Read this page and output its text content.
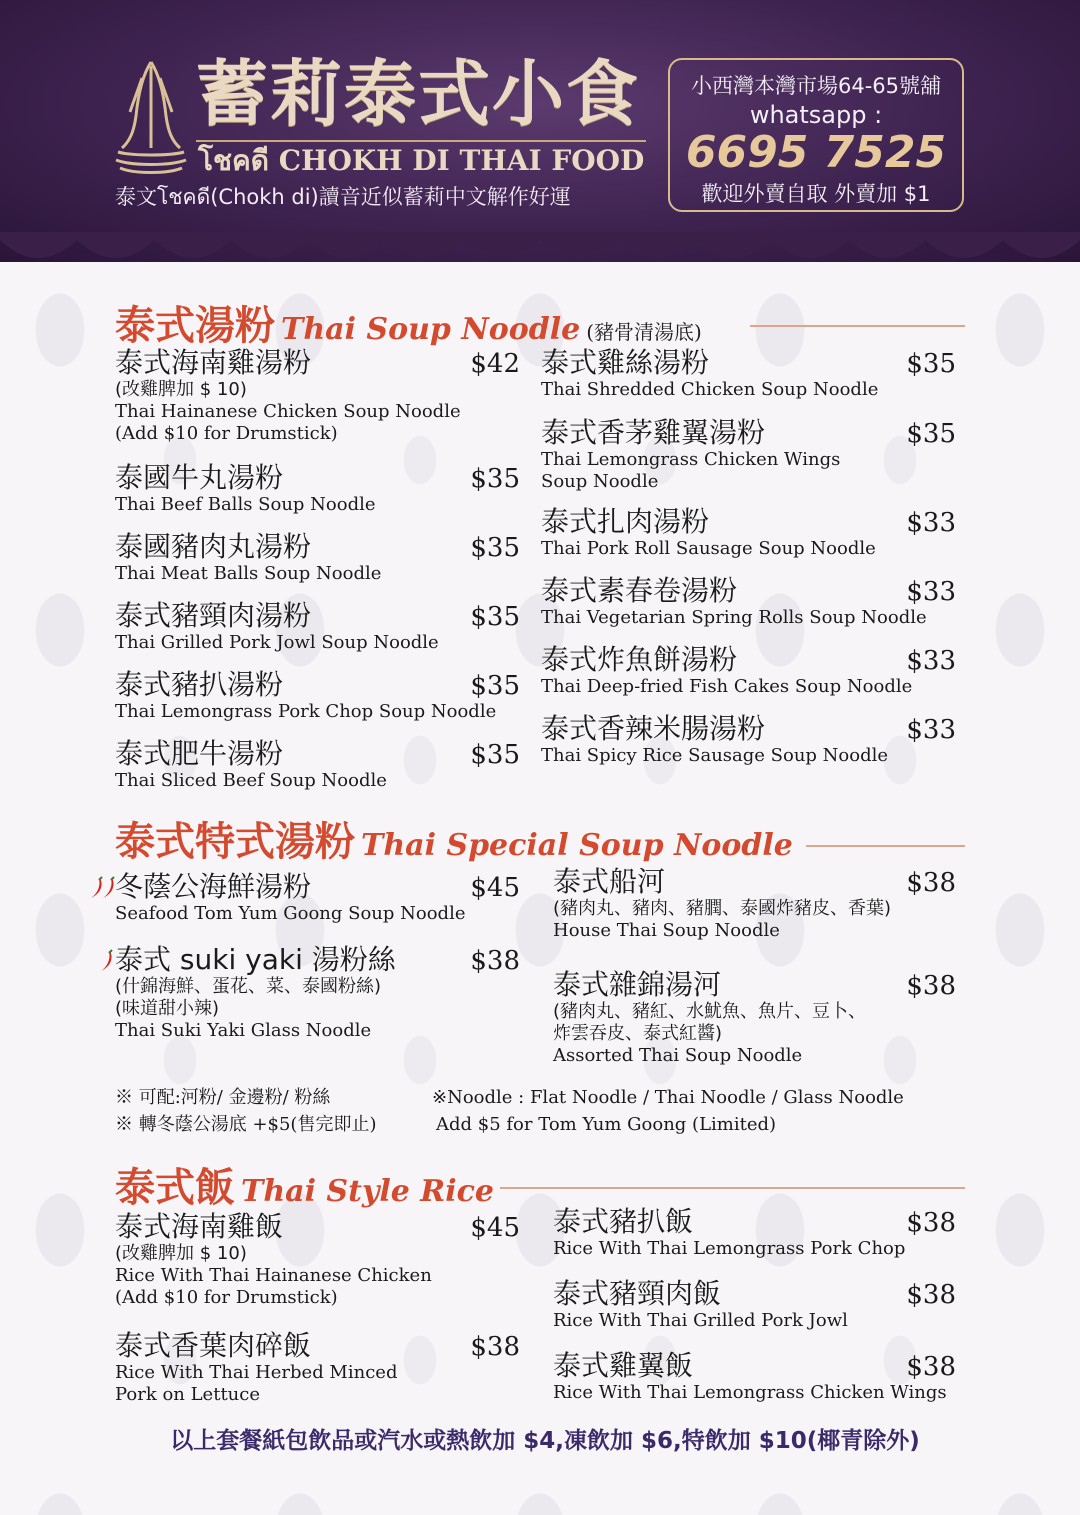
蓄莉泰式小食
โชคดี CHOKH DI THAI FOOD
泰文โชคดี(Chokh di)讀音近似蓄莉中文解作好運
小西灣本灣市場64-65號舖
whatsapp :
6695 7525
歡迎外賣自取 外賣加 $1
泰式湯粉 Thai Soup Noodle (豬骨清湯底)
泰式海南雞湯粉	$42
(改雞脾加 $ 10)
Thai Hainanese Chicken Soup Noodle
(Add $10 for Drumstick)
泰國牛丸湯粉	$35
Thai Beef Balls Soup Noodle
泰國豬肉丸湯粉	$35
Thai Meat Balls Soup Noodle
泰式豬頸肉湯粉	$35
Thai Grilled Pork Jowl Soup Noodle
泰式豬扒湯粉	$35
Thai Lemongrass Pork Chop Soup Noodle
泰式肥牛湯粉	$35
Thai Sliced Beef Soup Noodle
泰式雞絲湯粉	$35
Thai Shredded Chicken Soup Noodle
泰式香茅雞翼湯粉	$35
Thai Lemongrass Chicken Wings
Soup Noodle
泰式扎肉湯粉	$33
Thai Pork Roll Sausage Soup Noodle
泰式素春卷湯粉	$33
Thai Vegetarian Spring Rolls Soup Noodle
泰式炸魚餅湯粉	$33
Thai Deep-fried Fish Cakes Soup Noodle
泰式香辣米腸湯粉	$33
Thai Spicy Rice Sausage Soup Noodle
泰式特式湯粉 Thai Special Soup Noodle
冬蔭公海鮮湯粉	$45
Seafood Tom Yum Goong Soup Noodle
泰式 suki yaki 湯粉絲	$38
(什錦海鮮、蛋花、菜、泰國粉絲)
(味道甜小辣)
Thai Suki Yaki Glass Noodle
泰式船河	$38
(豬肉丸、豬肉、豬膶、泰國炸豬皮、香葉)
House Thai Soup Noodle
泰式雜錦湯河	$38
(豬肉丸、豬紅、水魷魚、魚片、豆卜、
炸雲吞皮、泰式紅醬)
Assorted Thai Soup Noodle
※ 可配:河粉/ 金邊粉/ 粉絲	※Noodle : Flat Noodle / Thai Noodle / Glass Noodle
※ 轉冬蔭公湯底 +$5(售完即止)	Add $5 for Tom Yum Goong (Limited)
泰式飯 Thai Style Rice
泰式海南雞飯	$45
(改雞脾加 $ 10)
Rice With Thai Hainanese Chicken
(Add $10 for Drumstick)
泰式香葉肉碎飯	$38
Rice With Thai Herbed Minced
Pork on Lettuce
泰式豬扒飯	$38
Rice With Thai Lemongrass Pork Chop
泰式豬頸肉飯	$38
Rice With Thai Grilled Pork Jowl
泰式雞翼飯	$38
Rice With Thai Lemongrass Chicken Wings
以上套餐紙包飲品或汽水或熱飲加 $4,凍飲加 $6,特飲加 $10(椰青除外)
